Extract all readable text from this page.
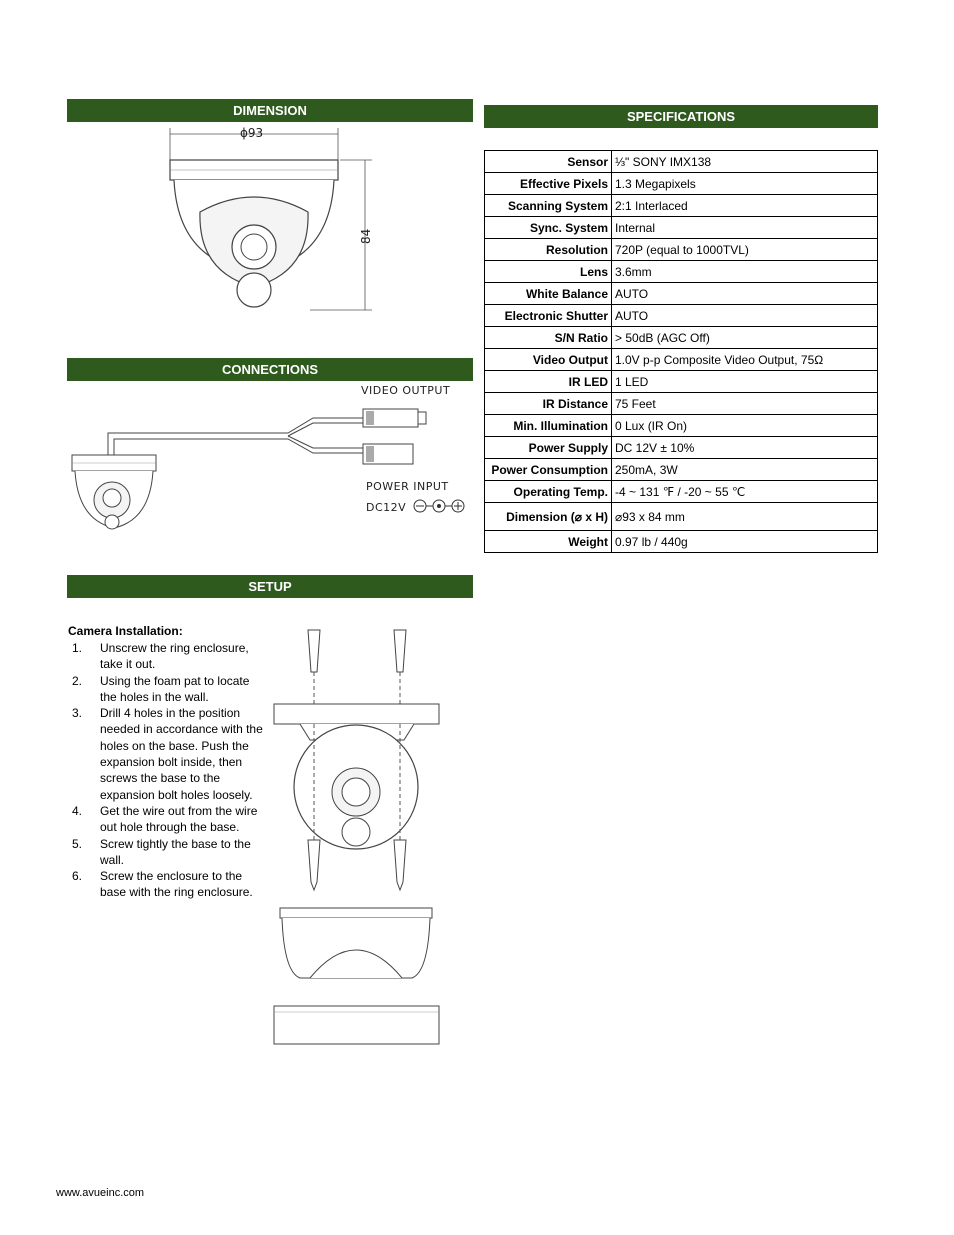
DIMENSION	SPECIFICATIONS
CONNECTIONS
SETUP
ϕ93
84
VIDEO OUTPUT
POWER INPUT
DC12V
Sensor	⅓" SONY IMX138
Effective Pixels	1.3 Megapixels
Scanning System	2:1 Interlaced
Sync. System	Internal
Resolution	720P (equal to 1000TVL)
Lens	3.6mm
White Balance	AUTO
Electronic Shutter	AUTO
S/N Ratio	> 50dB (AGC Off)
Video Output	1.0V p-p Composite Video Output, 75Ω
IR LED	1 LED
IR Distance	75 Feet
Min. Illumination	0 Lux (IR On)
Power Supply	DC 12V ± 10%
Power Consumption	250mA, 3W
Operating Temp.	-4 ~ 131 ℉ / -20 ~ 55 ℃
Dimension (⌀ x H)	⌀93 x 84 mm
Weight	0.97 lb / 440g
Camera Installation:
1. Unscrew the ring enclosure, take it out.
2. Using the foam pat to locate the holes in the wall.
3. Drill 4 holes in the position needed in accordance with the holes on the base. Push the expansion bolt inside, then screws the base to the expansion bolt holes loosely.
4. Get the wire out from the wire out hole through the base.
5. Screw tightly the base to the wall.
6. Screw the enclosure to the base with the ring enclosure.
www.avueinc.com
